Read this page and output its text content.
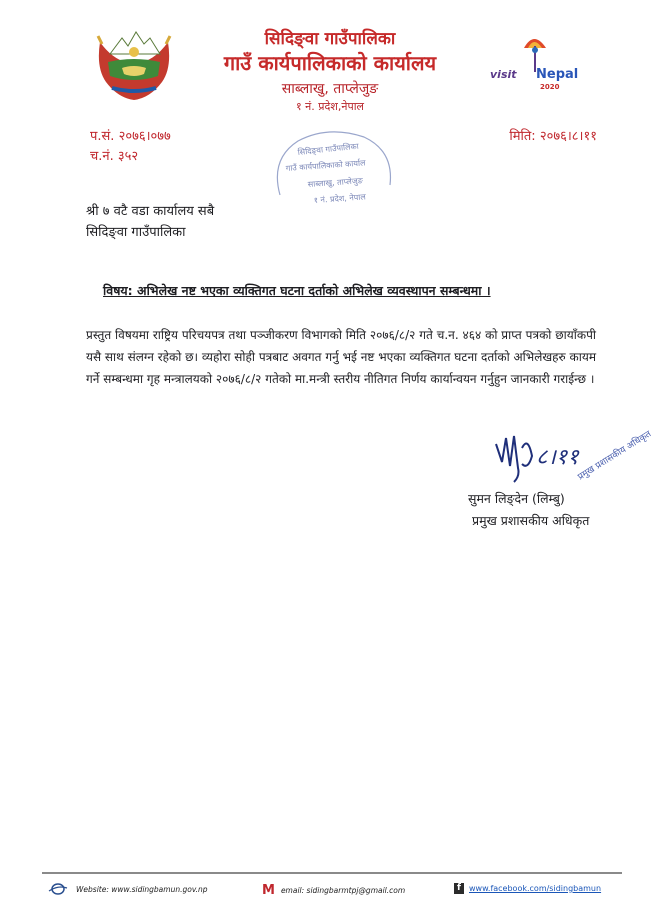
सिदिङ्वा गाउँपालिका
गाउँ कार्यपालिकाको कार्यालय
साब्लाखु, ताप्लेजुङ
१ नं. प्रदेश,नेपाल
visit Nepal
2020
प.सं. २०७६।०७७
च.नं. ३५२
मिति: २०७६।८।११
सिदिङ्वा गाउँपालिका
गाउँ कार्यपालिकाको कार्याल
साब्लाखु, ताप्लेजुङ
१ नं. प्रदेश, नेपाल
श्री ७ वटै वडा कार्यालय सबै
सिदिङ्वा गाउँपालिका
विषय: अभिलेख नष्ट भएका व्यक्तिगत घटना दर्ताको अभिलेख व्यवस्थापन सम्बन्धमा ।
प्रस्तुत विषयमा राष्ट्रिय परिचयपत्र तथा पञ्जीकरण विभागको मिति २०७६/८/२ गते च.न. ४६४ को प्राप्त पत्रको छायाँकपी यसै साथ संलग्न रहेको छ। व्यहोरा सोही पत्रबाट अवगत गर्नु भई नष्ट भएका व्यक्तिगत घटना दर्ताको अभिलेखहरु कायम गर्ने सम्बन्धमा गृह मन्त्रालयको २०७६/८/२ गतेको मा.मन्त्री स्तरीय नीतिगत निर्णय कार्यान्वयन गर्नुहुन जानकारी गराईन्छ ।
८।११
प्रमुख प्रशासकीय अधिकृत
सुमन लिङ्देन (लिम्बु)
प्रमुख प्रशासकीय अधिकृत
Website:
www.sidingbamun.gov.np	M email:
sidingbarmtpj@gmail.com	f	www.facebook.com/sidingbamun
